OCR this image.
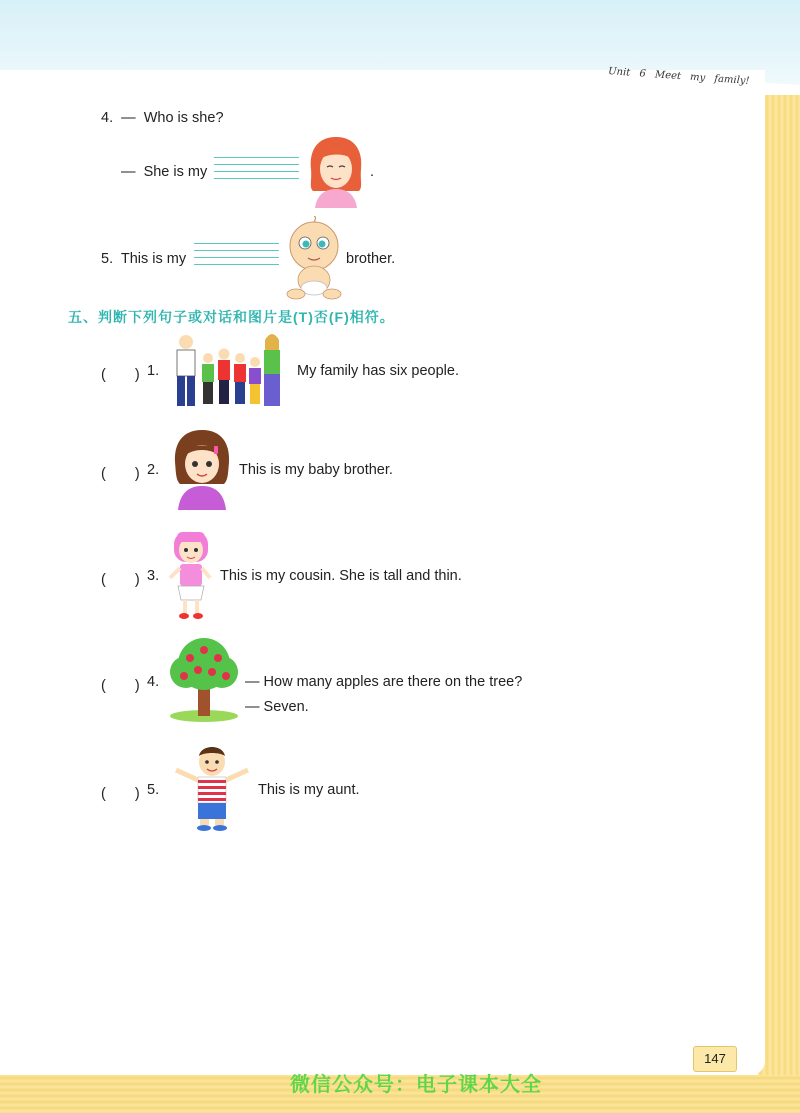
Unit 6 Meet my family!
4. — Who is she?
— She is my	.
5. This is my	brother.
五、判断下列句子或对话和图片是(T)否(F)相符。
(　　) 1.	My family has six people.
(　　) 2.	This is my baby brother.
(　　) 3.	This is my cousin. She is tall and thin.
(　　) 4.	— How many apples are there on the tree?
— Seven.
(　　) 5.	This is my aunt.
147
微信公众号：电子课本大全
